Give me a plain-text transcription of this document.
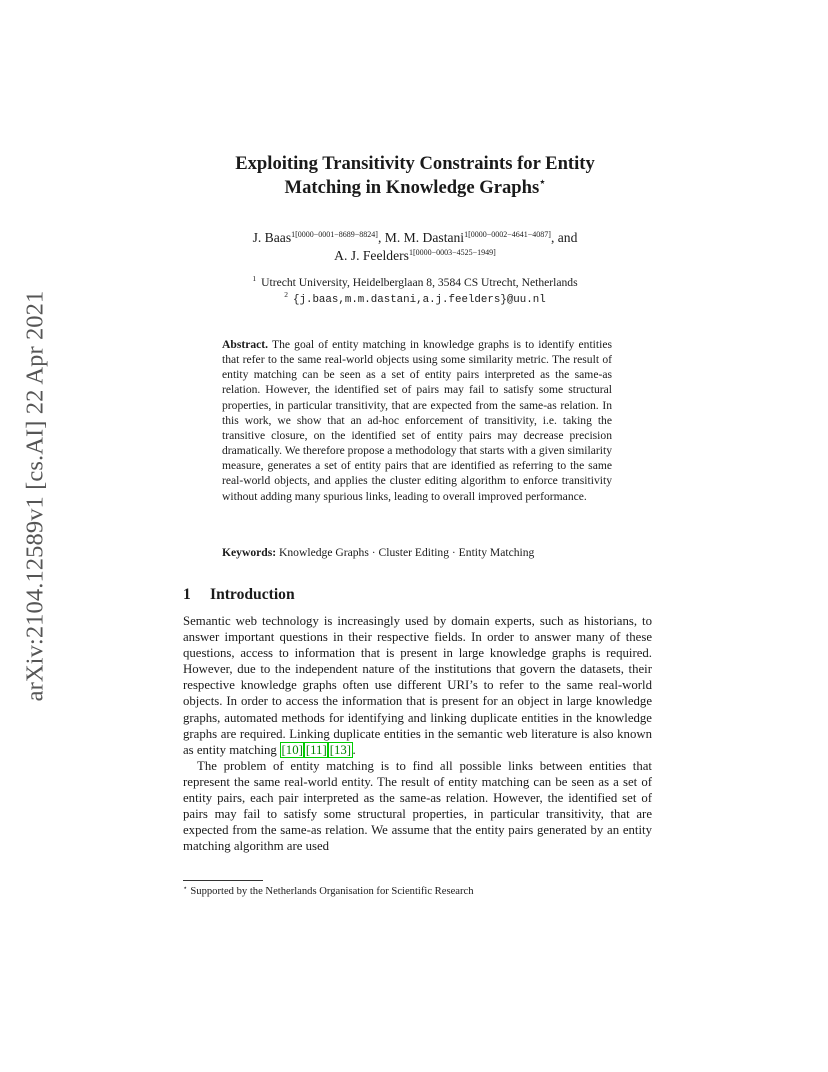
arXiv:2104.12589v1 [cs.AI] 22 Apr 2021
Exploiting Transitivity Constraints for Entity
Matching in Knowledge Graphs⋆
J. Baas$^{1[0000-0001-8689-8824]}$, M. M. Dastani$^{1[0000-0002-4641-4087]}$, and
A. J. Feelders$^{1[0000-0003-4525-1949]}$
$^1$ Utrecht University, Heidelberglaan 8, 3584 CS Utrecht, Netherlands
$^2$ {j.baas,m.m.dastani,a.j.feelders}@uu.nl
Abstract. The goal of entity matching in knowledge graphs is to identify entities that refer to the same real-world objects using some similarity metric. The result of entity matching can be seen as a set of entity pairs interpreted as the same-as relation. However, the identified set of pairs may fail to satisfy some structural properties, in particular transitivity, that are expected from the same-as relation. In this work, we show that an ad-hoc enforcement of transitivity, i.e. taking the transitive closure, on the identified set of entity pairs may decrease precision dramatically. We therefore propose a methodology that starts with a given similarity measure, generates a set of entity pairs that are identified as referring to the same real-world objects, and applies the cluster editing algorithm to enforce transitivity without adding many spurious links, leading to overall improved performance.
Keywords: Knowledge Graphs · Cluster Editing · Entity Matching
1 Introduction

Semantic web technology is increasingly used by domain experts, such as historians, to answer important questions in their respective fields. In order to answer many of these questions, access to information that is present in large knowledge graphs is required. However, due to the independent nature of the institutions that govern the datasets, their respective knowledge graphs often use different URI’s to refer to the same real-world objects. In order to access the information that is present for an object in large knowledge graphs, automated methods for identifying and linking duplicate entities in the knowledge graphs are required. Linking duplicate entities in the semantic web literature is also known as entity matching [10] [11] [13] .

The problem of entity matching is to find all possible links between entities that represent the same real-world entity. The result of entity matching can be seen as a set of entity pairs, each pair interpreted as the same-as relation. However, the identified set of pairs may fail to satisfy some structural properties, in particular transitivity, that are expected from the same-as relation. We assume that the entity pairs generated by an entity matching algorithm are used

⋆ Supported by the Netherlands Organisation for Scientific Research
